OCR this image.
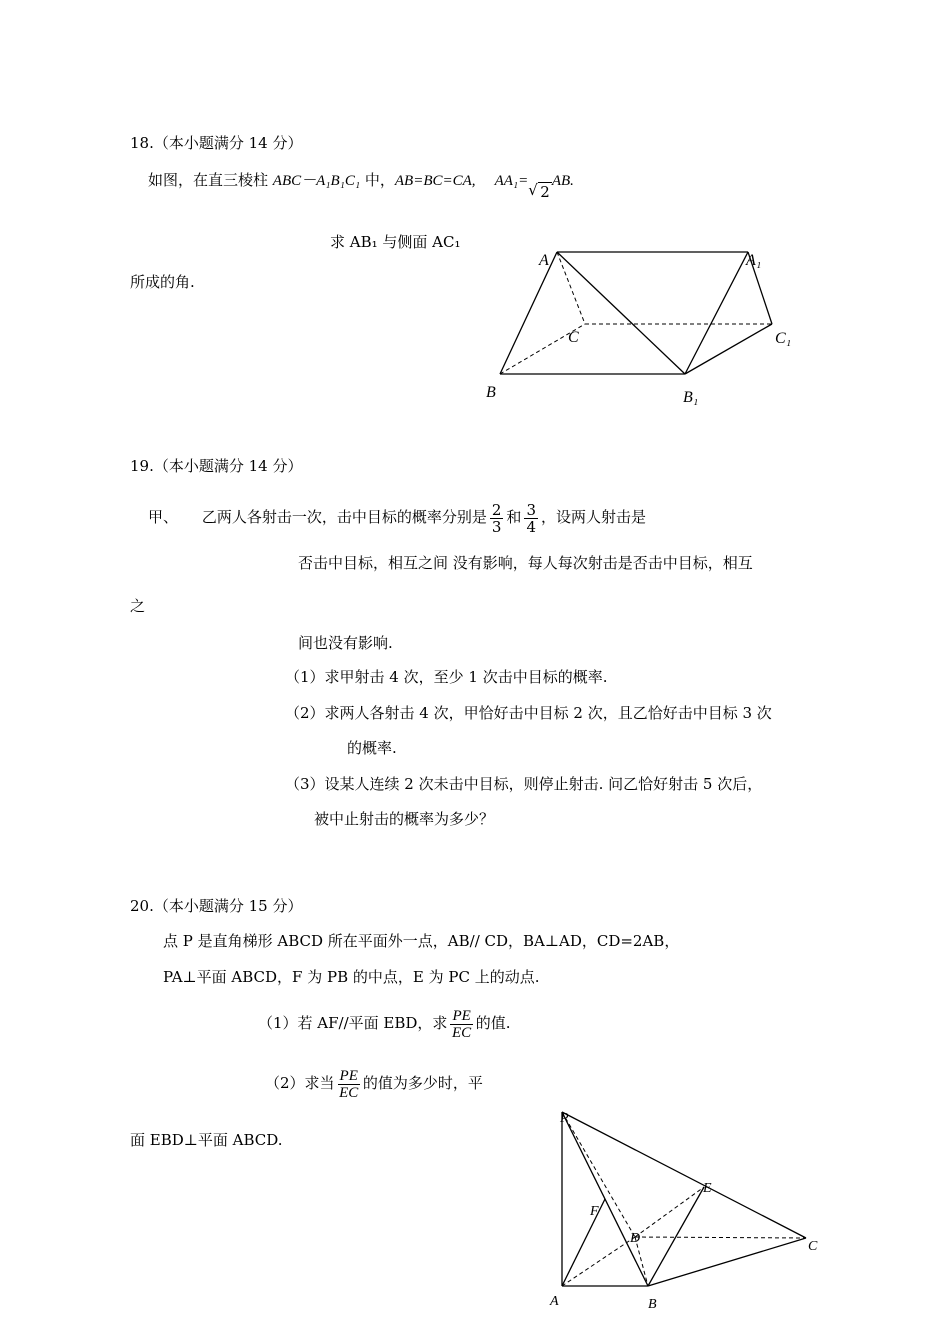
18.（本小题满分 14 分）
如图，在直三棱柱 ABC－A₁B₁C₁ 中，AB=BC=CA, AA₁= √ 2AB.
求 AB₁ 与侧面 AC₁
所成的角.
A	A₁
C	C₁
B	B₁
19.（本小题满分 14 分）
甲、 乙两人各射击一次，击中目标的概率分别是 $\frac{2}{3}$ 和 $\frac{3}{4}$ ，设两人射击是
否击中目标，相互之间 没有影响，每人每次射击是否击中目标，相互
之
间也没有影响.
（1）求甲射击 4 次，至少 1 次击中目标的概率.
（2）求两人各射击 4 次，甲恰好击中目标 2 次，且乙恰好击中目标 3 次
的概率.
（3）设某人连续 2 次未击中目标，则停止射击. 问乙恰好射击 5 次后，
被中止射击的概率为多少？
20.（本小题满分 15 分）
点 P 是直角梯形 ABCD 所在平面外一点，AB// CD，BA⊥AD，CD=2AB，
PA⊥平面 ABCD，F 为 PB 的中点，E 为 PC 上的动点.
（1）若 AF//平面 EBD，求 $\frac{PE}{EC}$ 的值.
（2）求当 $\frac{PE}{EC}$ 的值为多少时，平
面 EBD⊥平面 ABCD.
P
E
F
D
C
A	B
